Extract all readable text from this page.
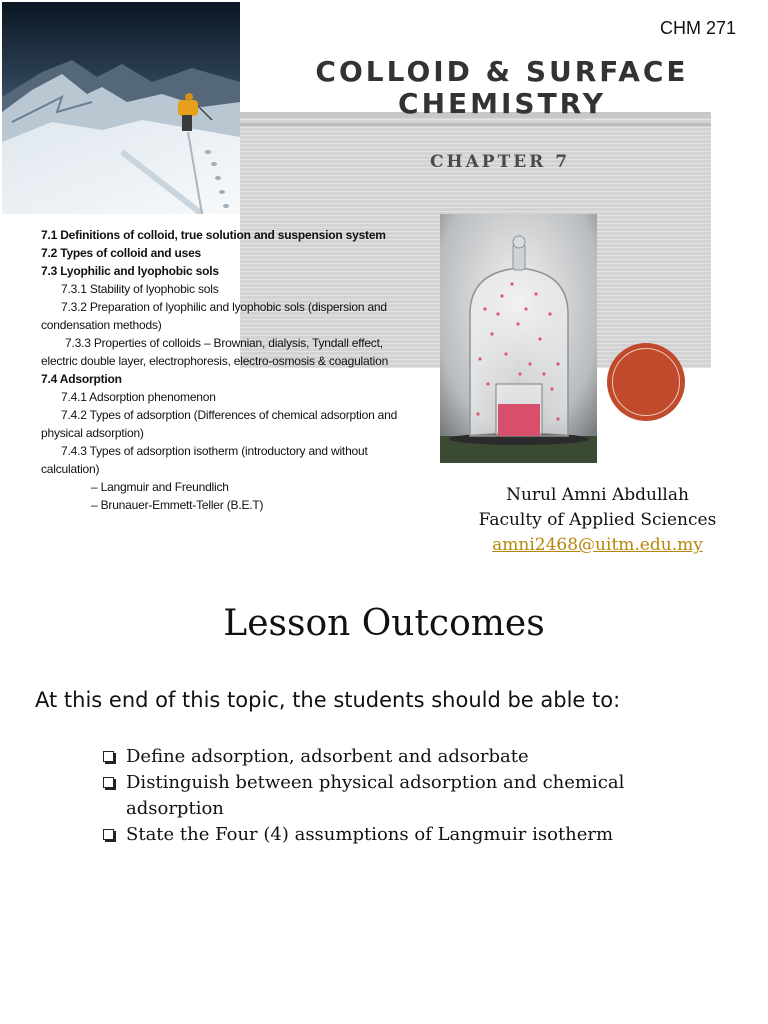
CHM 271
COLLOID & SURFACE
CHEMISTRY
CHAPTER 7
7.1 Definitions of colloid, true solution and suspension system
7.2 Types of colloid and uses
7.3 Lyophilic and lyophobic sols
7.3.1 Stability of lyophobic sols
7.3.2 Preparation of lyophilic and lyophobic sols (dispersion and
condensation methods)
7.3.3 Properties of colloids – Brownian, dialysis, Tyndall effect,
electric double layer, electrophoresis, electro-osmosis & coagulation
7.4 Adsorption
7.4.1 Adsorption phenomenon
7.4.2 Types of adsorption (Differences of chemical adsorption and
physical adsorption)
7.4.3 Types of adsorption isotherm (introductory and without
calculation)
– Langmuir and Freundlich
– Brunauer-Emmett-Teller (B.E.T)	Nurul Amni Abdullah
Faculty of Applied Sciences
amni2468@uitm.edu.my
Lesson Outcomes
At this end of this topic, the students should be able to:
Define adsorption, adsorbent and adsorbate
Distinguish between physical adsorption and chemical adsorption
State the Four (4) assumptions of Langmuir isotherm
